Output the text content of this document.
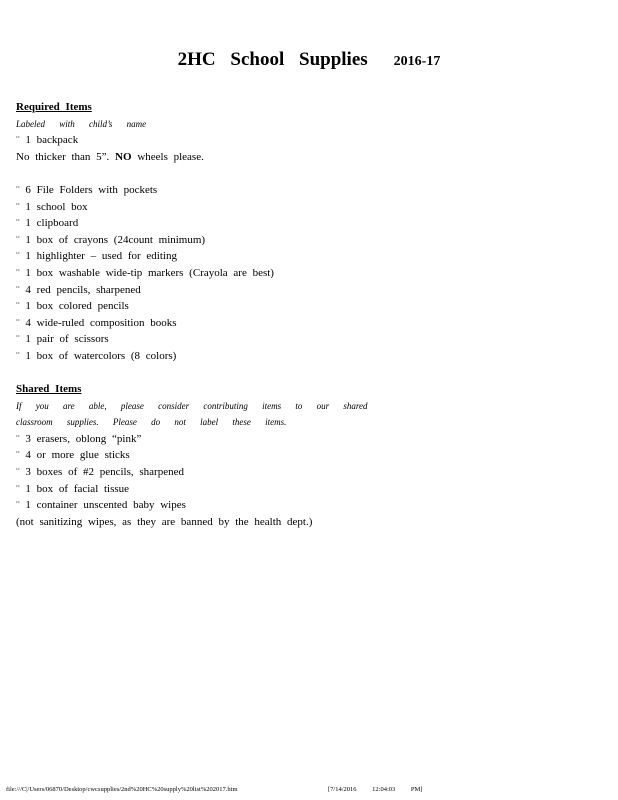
2HC School Supplies 2016-17
Required Items
Labeled with child’s name
¨ 1 backpack
No thicker than 5”. NO wheels please.
¨ 6 File Folders with pockets
¨ 1 school box
¨ 1 clipboard
¨ 1 box of crayons (24count minimum)
¨ 1 highlighter – used for editing
¨ 1 box washable wide-tip markers (Crayola are best)
¨ 4 red pencils, sharpened
¨ 1 box colored pencils
¨ 4 wide-ruled composition books
¨ 1 pair of scissors
¨ 1 box of watercolors (8 colors)
Shared Items
If you are able, please consider contributing items to our shared
classroom supplies. Please do not label these items.
¨ 3 erasers, oblong “pink”
¨ 4 or more glue sticks
¨ 3 boxes of #2 pencils, sharpened
¨ 1 box of facial tissue
¨ 1 container unscented baby wipes
(not sanitizing wipes, as they are banned by the health dept.)
file:///C|/Users/06870/Desktop/cwcsupplies/2nd%20HC%20supply%20list%202017.htm	[7/14/2016 12:04:03 PM]
